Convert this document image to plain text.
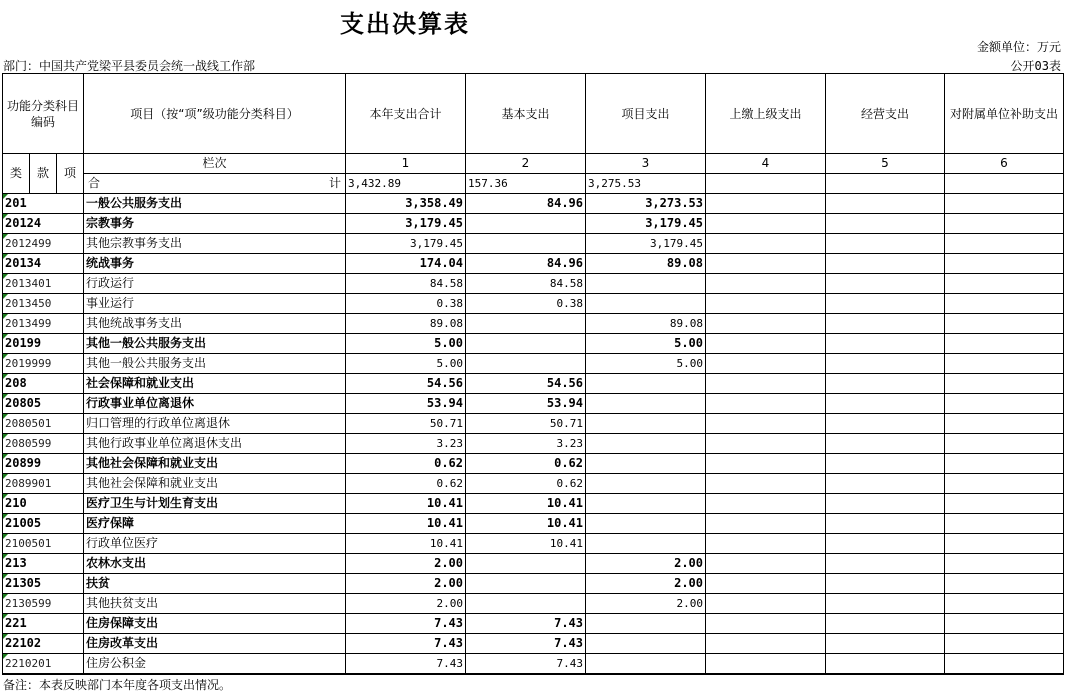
支出决算表
金额单位：万元
部门：中国共产党梁平县委员会统一战线工作部	公开03表
功能分类科目编码			项目（按“项”级功能分类科目）	本年支出合计	基本支出	项目支出	上缴上级支出	经营支出	对附属单位补助支出
类	款	项	栏次	1	2	3	4	5	6

			合 计	3,432.89	157.36	3,275.53			
201			一般公共服务支出	3,358.49	84.96	3,273.53			
20124			宗教事务	3,179.45		3,179.45			
2012499			其他宗教事务支出	3,179.45		3,179.45			
20134			统战事务	174.04	84.96	89.08			
2013401			行政运行	84.58	84.58				
2013450			事业运行	0.38	0.38				
2013499			其他统战事务支出	89.08		89.08			
20199			其他一般公共服务支出	5.00		5.00			
2019999			其他一般公共服务支出	5.00		5.00			
208			社会保障和就业支出	54.56	54.56				
20805			行政事业单位离退休	53.94	53.94				
2080501			归口管理的行政单位离退休	50.71	50.71				
2080599			其他行政事业单位离退休支出	3.23	3.23				
20899			其他社会保障和就业支出	0.62	0.62				
2089901			其他社会保障和就业支出	0.62	0.62				
210			医疗卫生与计划生育支出	10.41	10.41				
21005			医疗保障	10.41	10.41				
2100501			行政单位医疗	10.41	10.41				
213			农林水支出	2.00		2.00			
21305			扶贫	2.00		2.00			
2130599			其他扶贫支出	2.00		2.00			
221			住房保障支出	7.43	7.43				
22102			住房改革支出	7.43	7.43				
2210201			住房公积金	7.43	7.43				
备注：本表反映部门本年度各项支出情况。
